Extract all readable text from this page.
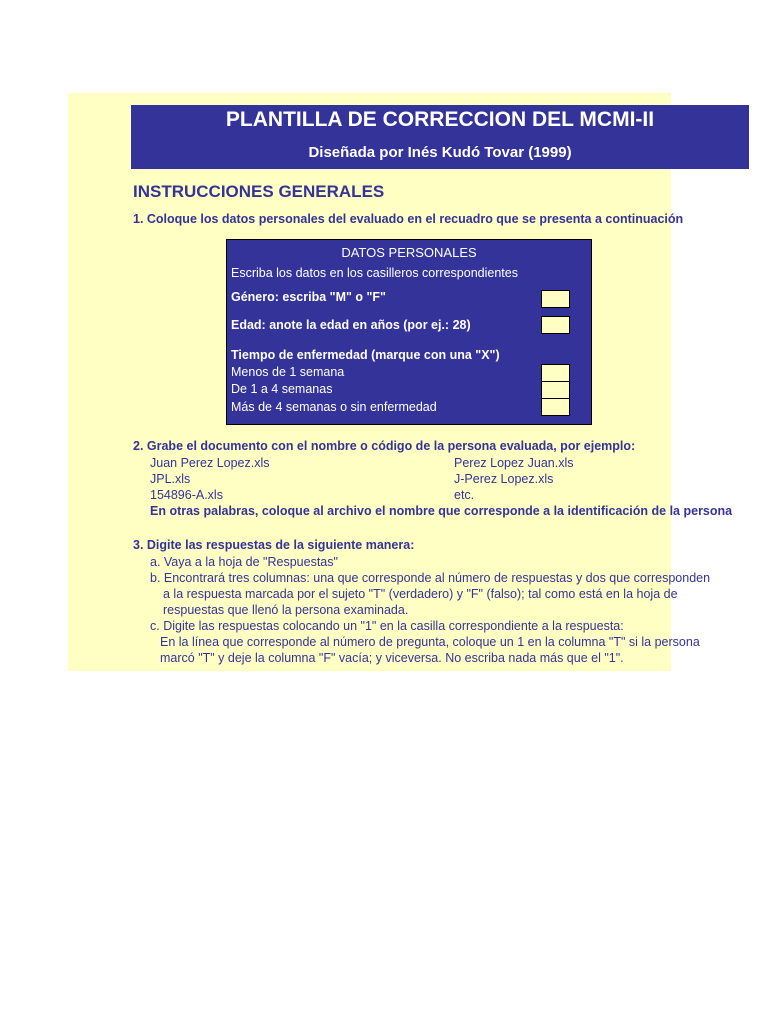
INSTRUCCIONES GENERALES
1. Coloque los datos personales del evaluado en el recuadro que se presenta a continuación
2. Grabe el documento con el nombre o código de la persona evaluada, por ejemplo:
Juan Perez Lopez.xls
JPL.xls
154896-A.xls
Perez Lopez Juan.xls
J-Perez Lopez.xls
etc.
En otras palabras, coloque al archivo el nombre que corresponde a la identificación de la persona
3. Digite las respuestas de la siguiente manera:
a. Vaya a la hoja de "Respuestas"
b. Encontrará tres columnas: una que corresponde al número de respuestas y dos que corresponden
a la respuesta marcada por el sujeto "T" (verdadero) y "F" (falso); tal como está en la hoja de
respuestas que llenó la persona examinada.
c. Digite las respuestas colocando un "1" en la casilla correspondiente a la respuesta:
En la línea que corresponde al número de pregunta, coloque un 1 en la columna "T" si la persona
marcó "T" y deje la columna "F" vacía; y viceversa. No escriba nada más que el "1".
PLANTILLA DE CORRECCION DEL MCMI-II
Diseñada por Inés Kudó Tovar (1999)
DATOS PERSONALES
Escriba los datos en los casilleros correspondientes
Género: escriba "M" o "F"
Edad: anote la edad en años (por ej.: 28)
Tiempo de enfermedad (marque con una "X")
Menos de 1 semana
De 1 a 4 semanas
Más de 4 semanas o sin enfermedad
